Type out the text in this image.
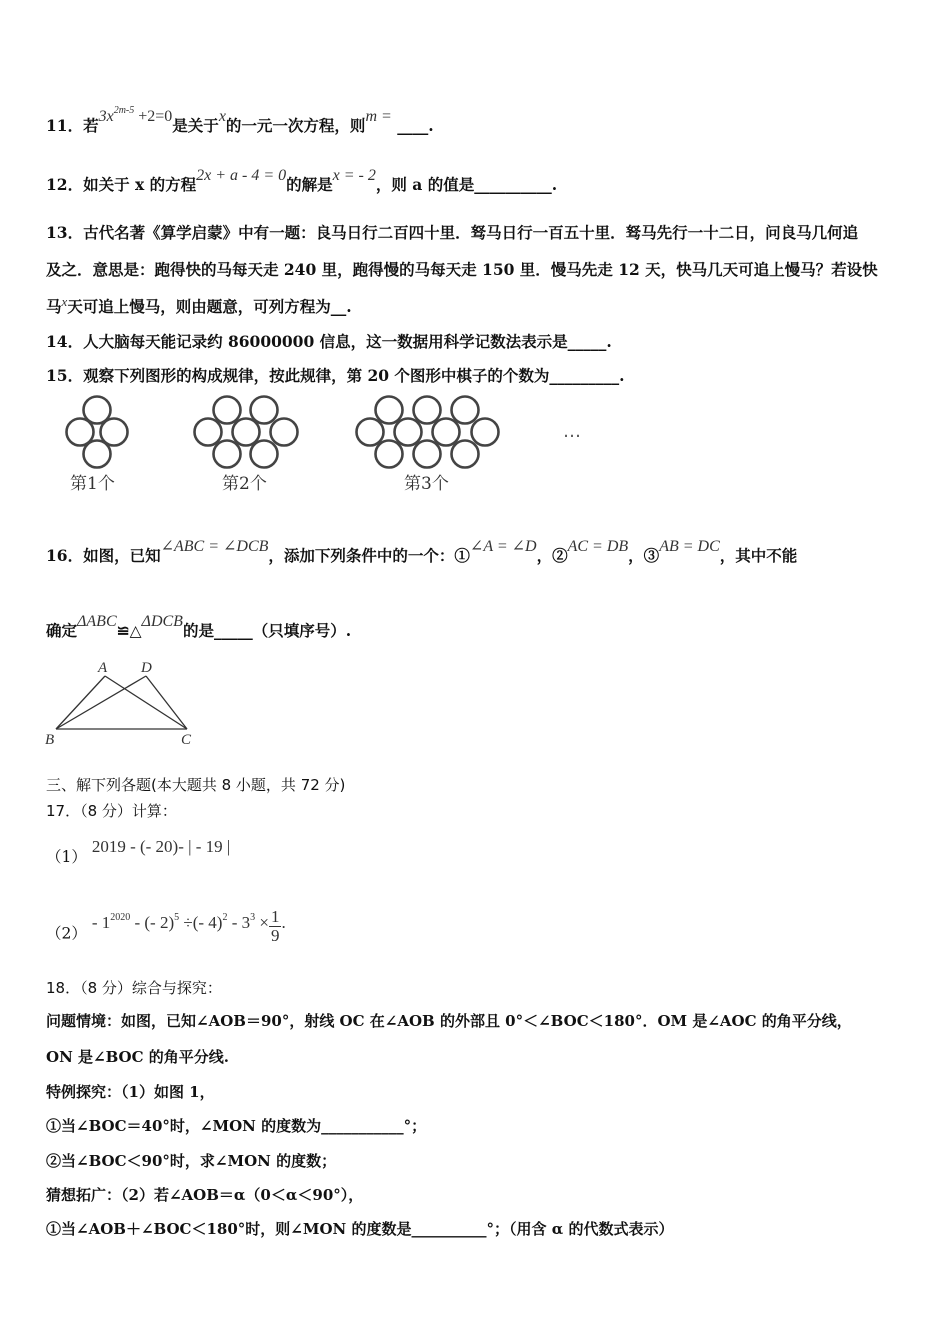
11．若$3x^{2m-5} +2=0$是关于x的一元一次方程，则m = ____.
12．如关于 x 的方程2x + a - 4 = 0的解是x = - 2，则 a 的值是__________.
13．古代名著《算学启蒙》中有一题：良马日行二百四十里．驽马日行一百五十里．驽马先行一十二日，问良马几何追
及之．意思是：跑得快的马每天走 240 里，跑得慢的马每天走 150 里．慢马先走 12 天，快马几天可追上慢马？若设快
马$^x$天可追上慢马，则由题意，可列方程为__.
14．人大脑每天能记录约 86000000 信息，这一数据用科学记数法表示是_____.
15．观察下列图形的构成规律，按此规律，第 20 个图形中棋子的个数为_________.
第1个	第2个	第3个
…
16．如图，已知∠ABC = ∠DCB，添加下列条件中的一个：①∠A = ∠D，②AC = DB，③AB = DC，其中不能
确定ΔABC≌△ΔDCB的是_____（只填序号）.
A D
B	C
三、解下列各题(本大题共 8 小题，共 72 分)
17．（8 分）计算：
（1） 2019 - (- 20)- | - 19 |
$(2) - 1^{2020}$ - (- 2)$^5$ ÷(- $4)^2 - 3^3 \times \frac{1}{9}$ .
18．（8 分）综合与探究：
问题情境：如图，已知∠AOB＝90°，射线 OC 在∠AOB 的外部且 0°＜∠BOC＜180°．OM 是∠AOC 的角平分线，
ON 是∠BOC 的角平分线.
特例探究：（1）如图 1，
①当∠BOC＝40°时，∠MON 的度数为___________°；
②当∠BOC＜90°时，求∠MON 的度数；
猜想拓广：（2）若∠AOB＝α（0＜α＜90°），
①当∠AOB＋∠BOC＜180°时，则∠MON 的度数是__________°；（用含 α 的代数式表示）
